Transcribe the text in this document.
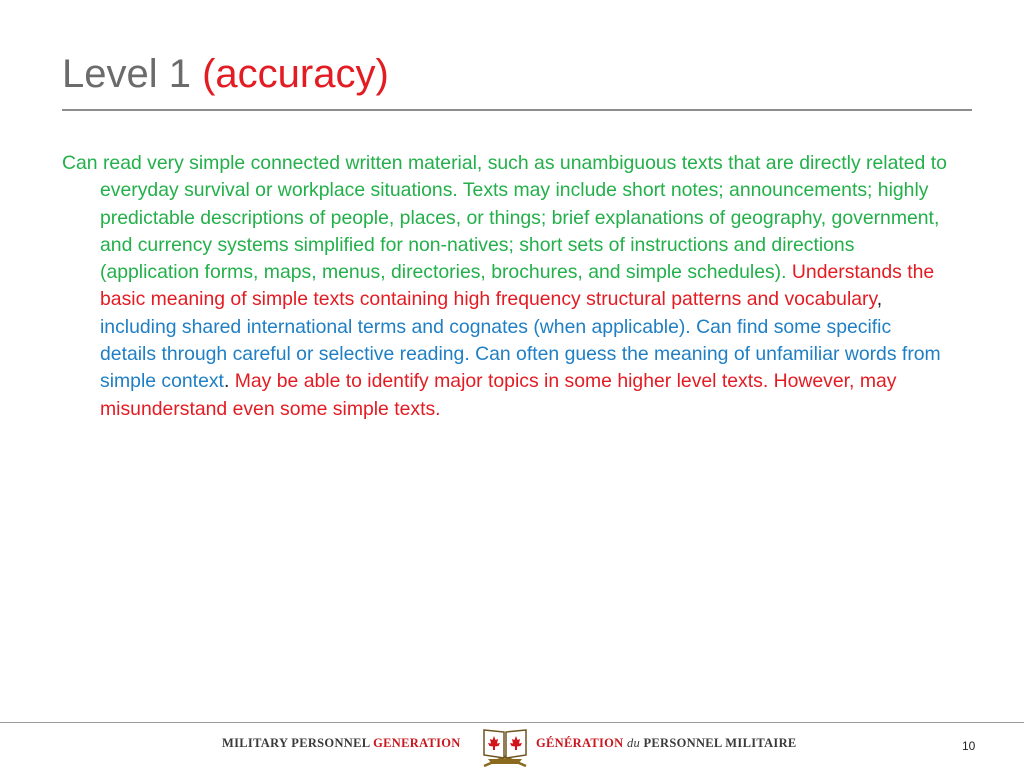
Level 1 (accuracy)

Can read very simple connected written material, such as unambiguous texts that are directly related to everyday survival or workplace situations. Texts may include short notes; announcements; highly predictable descriptions of people, places, or things; brief explanations of geography, government, and currency systems simplified for non-natives; short sets of instructions and directions (application forms, maps, menus, directories, brochures, and simple schedules). Understands the basic meaning of simple texts containing high frequency structural patterns and vocabulary, including shared international terms and cognates (when applicable). Can find some specific details through careful or selective reading. Can often guess the meaning of unfamiliar words from simple context. May be able to identify major topics in some higher level texts. However, may misunderstand even some simple texts.

MILITARY PERSONNEL GENERATION	GÉNÉRATION du PERSONNEL MILITAIRE	10
